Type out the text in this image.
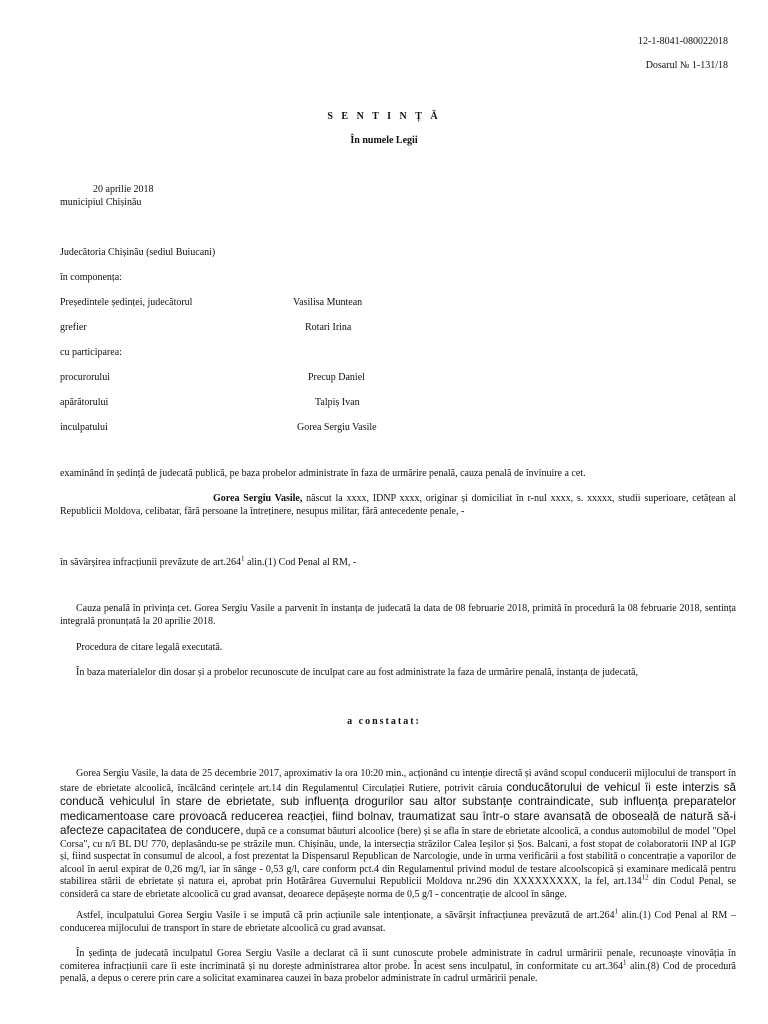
12-1-8041-080022018
Dosarul № 1-131/18
S E N T I N Ț Ă
În numele Legii
20 aprilie 2018
municipiul Chișinău
Judecătoria Chișinău (sediul Buiucani)
în componența:
Președintele ședinței, judecătorul	Vasilisa Muntean
grefier	Rotari Irina
cu participarea:
procurorului	Precup Daniel
apărătorului	Talpiș Ivan
inculpatului	Gorea Sergiu Vasile
examinând în ședință de judecată publică, pe baza probelor administrate în faza de urmărire penală, cauza penală de învinuire a cet.
Gorea Sergiu Vasile, născut la xxxx, IDNP xxxx, originar și domiciliat în r-nul xxxx, s. xxxxx, studii superioare, cetățean al Republicii Moldova, celibatar, fără persoane la întreținere, nesupus militar, fără antecedente penale, -
în săvârșirea infracțiunii prevăzute de art.264$^1$ alin.(1) Cod Penal al RM, -
Cauza penală în privința cet. Gorea Sergiu Vasile a parvenit în instanța de judecată la data de 08 februarie 2018, primită în procedură la 08 februarie 2018, sentința integrală pronunțată la 20 aprilie 2018.
Procedura de citare legală executată.
În baza materialelor din dosar și a probelor recunoscute de inculpat care au fost administrate la faza de urmărire penală, instanța de judecată,
a constatat:
Gorea Sergiu Vasile, la data de 25 decembrie 2017, aproximativ la ora 10:20 min., acționând cu intenție directă și având scopul conducerii mijlocului de transport în stare de ebrietate alcoolică, încălcând cerințele art.14 din Regulamentul Circulației Rutiere, potrivit căruia conducătorului de vehicul îi este interzis să conducă vehiculul în stare de ebrietate, sub influența drogurilor sau altor substanțe contraindicate, sub influența preparatelor medicamentoase care provoacă reducerea reacției, fiind bolnav, traumatizat sau într-o stare avansată de oboseală de natură să-i afecteze capacitatea de conducere, după ce a consumat băuturi alcoolice (bere) și se afla în stare de ebrietate alcoolică, a condus automobilul de model "Opel Corsa", cu n/î BL DU 770, deplasându-se pe străzile mun. Chișinău, unde, la intersecția străzilor Calea Ieșilor și Șos. Balcani, a fost stopat de colaboratorii INP al IGP și, fiind suspectat în consumul de alcool, a fost prezentat la Dispensarul Republican de Narcologie, unde în urma verificării a fost stabilită o concentrație a vaporilor de alcool în aerul expirat de 0,26 mg/l, iar în sânge - 0,53 g/l, care conform pct.4 din Regulamentul privind modul de testare alcoolscopică și examinare medicală pentru stabilirea stării de ebrietate și natura ei, aprobat prin Hotărârea Guvernului Republicii Moldova nr.296 din XXXXXXXXX, la fel, art.134$^{12}$ din Codul Penal, se consideră ca stare de ebrietate alcoolică cu grad avansat, deoarece depășește norma de 0,5 g/l - concentrație de alcool în sânge.
Astfel, inculpatului Gorea Sergiu Vasile i se impută că prin acțiunile sale intenționate, a săvârșit infracțiunea prevăzută de art.264$^1$ alin.(1) Cod Penal al RM – conducerea mijlocului de transport în stare de ebrietate alcoolică cu grad avansat.
În ședința de judecată inculpatul Gorea Sergiu Vasile a declarat că îi sunt cunoscute probele administrate în cadrul urmăririi penale, recunoaște vinovăția în comiterea infracțiunii care îi este incriminată și nu dorește administrarea altor probe. În acest sens inculpatul, în conformitate cu art.364$^1$ alin.(8) Cod de procedură penală, a depus o cerere prin care a solicitat examinarea cauzei în baza probelor administrate în cadrul urmăririi penale.
